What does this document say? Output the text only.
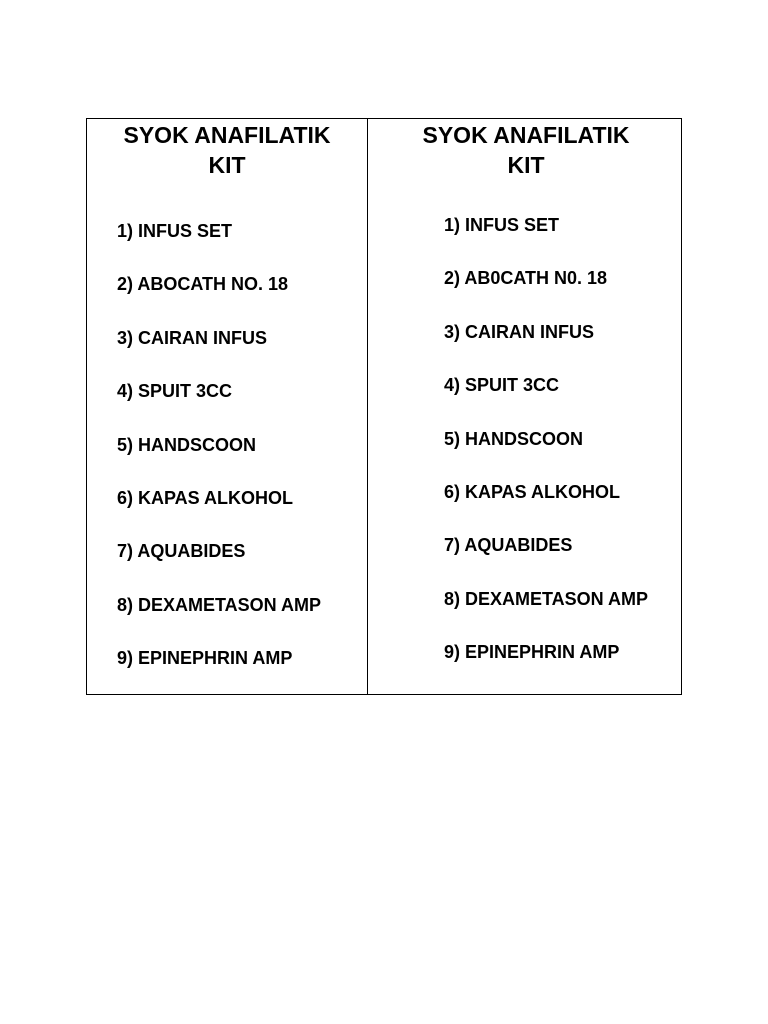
SYOK ANAFILATIK
KIT
1) INFUS SET
2) ABOCATH NO. 18
3) CAIRAN INFUS
4) SPUIT 3CC
5) HANDSCOON
6) KAPAS ALKOHOL
7) AQUABIDES
8) DEXAMETASON AMP
9) EPINEPHRIN AMP
SYOK ANAFILATIK
KIT
1) INFUS SET
2) AB0CATH N0. 18
3) CAIRAN INFUS
4) SPUIT 3CC
5) HANDSCOON
6) KAPAS ALKOHOL
7) AQUABIDES
8) DEXAMETASON AMP
9) EPINEPHRIN AMP
